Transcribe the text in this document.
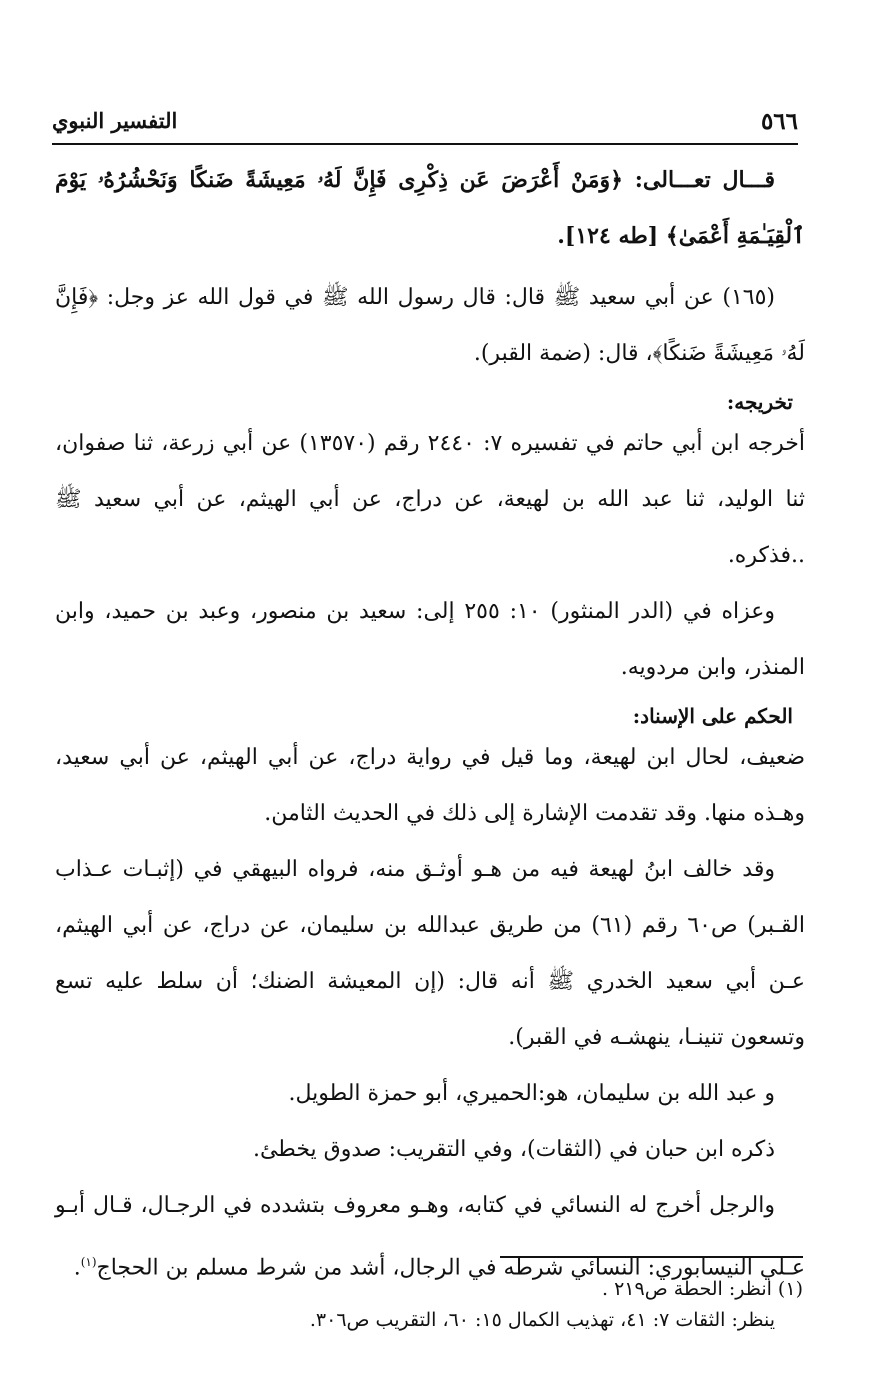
٥٦٦
التفسير النبوي

قـــال تعـــالى: ﴿وَمَنْ أَعْرَضَ عَن ذِكْرِى فَإِنَّ لَهُۥ مَعِيشَةً ضَنكًا وَنَحْشُرُهُۥ يَوْمَ ٱلْقِيَـٰمَةِ أَعْمَىٰ﴾ [طه ١٢٤].

(١٦٥) عن أبي سعيد ﷺ قال: قال رسول الله ﷺ في قول الله عز وجل: ﴿فَإِنَّ لَهُۥ مَعِيشَةً ضَنكًا﴾، قال: (ضمة القبر).

تخريجه:

أخرجه ابن أبي حاتم في تفسيره ٧: ٢٤٤٠ رقم (١٣٥٧٠) عن أبي زرعة، ثنا صفوان، ثنا الوليد، ثنا عبد الله بن لهيعة، عن دراج، عن أبي الهيثم، عن أبي سعيد ﷺ ..فذكره.

وعزاه في (الدر المنثور) ١٠: ٢٥٥ إلى: سعيد بن منصور، وعبد بن حميد، وابن المنذر، وابن مردويه.

الحكم على الإسناد:

ضعيف، لحال ابن لهيعة، وما قيل في رواية دراج، عن أبي الهيثم، عن أبي سعيد، وهـذه منها. وقد تقدمت الإشارة إلى ذلك في الحديث الثامن.

وقد خالف ابنُ لهيعة فيه من هـو أوثـق منه، فرواه البيهقي في (إثبـات عـذاب القـبر) ص٦٠ رقم (٦١) من طريق عبدالله بن سليمان، عن دراج، عن أبي الهيثم، عـن أبي سعيد الخدري ﷺ أنه قال: (إن المعيشة الضنك؛ أن سلط عليه تسع وتسعون تنينـا، ينهشـه في القبر).

و عبد الله بن سليمان، هو:الحميري، أبو حمزة الطويل.

ذكره ابن حبان في (الثقات)، وفي التقريب: صدوق يخطئ.

والرجل أخرج له النسائي في كتابه، وهـو معروف بتشدده في الرجـال، قـال أبـو عـلي النيسابوري: النسائي شرطه في الرجال، أشد من شرط مسلم بن الحجاج$^{(١)}$.

ينظر: الثقات ٧: ٤١، تهذيب الكمال ١٥: ٦٠، التقريب ص٣٠٦.

(١) انظر: الحطة ص٢١٩ .
